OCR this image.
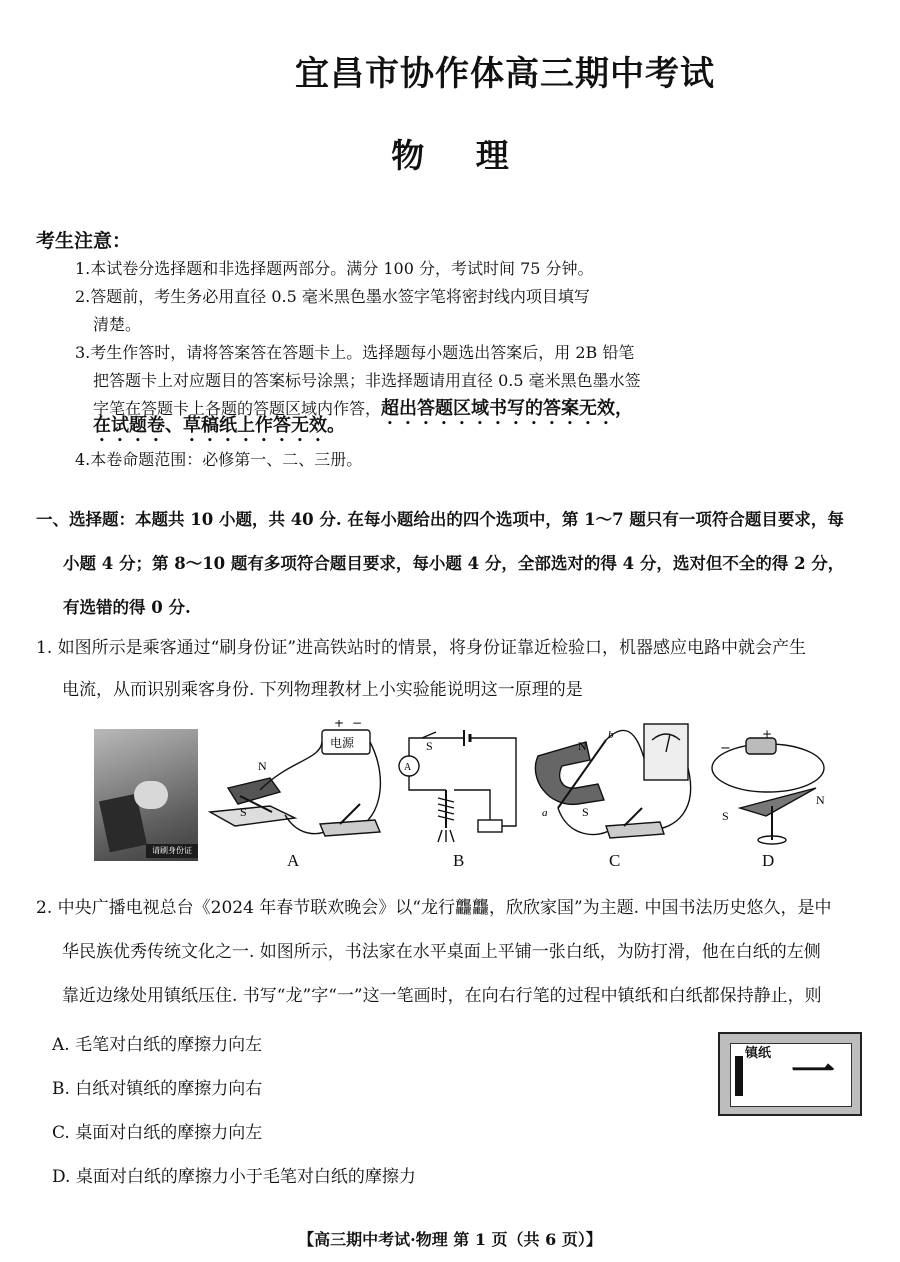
宜昌市协作体高三期中考试
物 理
考生注意：
1.本试卷分选择题和非选择题两部分。满分 100 分，考试时间 75 分钟。
2.答题前，考生务必用直径 0.5 毫米黑色墨水签字笔将密封线内项目填写
清楚。
3.考生作答时，请将答案答在答题卡上。选择题每小题选出答案后，用 2B 铅笔
把答题卡上对应题目的答案标号涂黑；非选择题请用直径 0.5 毫米黑色墨水签
字笔在答题卡上各题的答题区域内作答，超出答题区域书写的答案无效，
在试题卷、草稿纸上作答无效。
4.本卷命题范围：必修第一、二、三册。
一、选择题：本题共 10 小题，共 40 分. 在每小题给出的四个选项中，第 1～7 题只有一项符合题目要求，每
小题 4 分；第 8～10 题有多项符合题目要求，每小题 4 分，全部选对的得 4 分，选对但不全的得 2 分，
有选错的得 0 分.
1. 如图所示是乘客通过“刷身份证”进高铁站时的情景，将身份证靠近检验口，机器感应电路中就会产生
电流，从而识别乘客身份. 下列物理教材上小实验能说明这一原理的是
请刷身份证
N
S
+ −
电源
A
A
S
B
N
S
a
b
C
−
+
N
S
D
2. 中央广播电视总台《2024 年春节联欢晚会》以“龙行龘龘，欣欣家国”为主题. 中国书法历史悠久，是中
华民族优秀传统文化之一. 如图所示，书法家在水平桌面上平铺一张白纸，为防打滑，他在白纸的左侧
靠近边缘处用镇纸压住. 书写“龙”字“一”这一笔画时，在向右行笔的过程中镇纸和白纸都保持静止，则
A. 毛笔对白纸的摩擦力向左
B. 白纸对镇纸的摩擦力向右
C. 桌面对白纸的摩擦力向左
D. 桌面对白纸的摩擦力小于毛笔对白纸的摩擦力
镇纸 一
【高三期中考试·物理 第 1 页（共 6 页）】
